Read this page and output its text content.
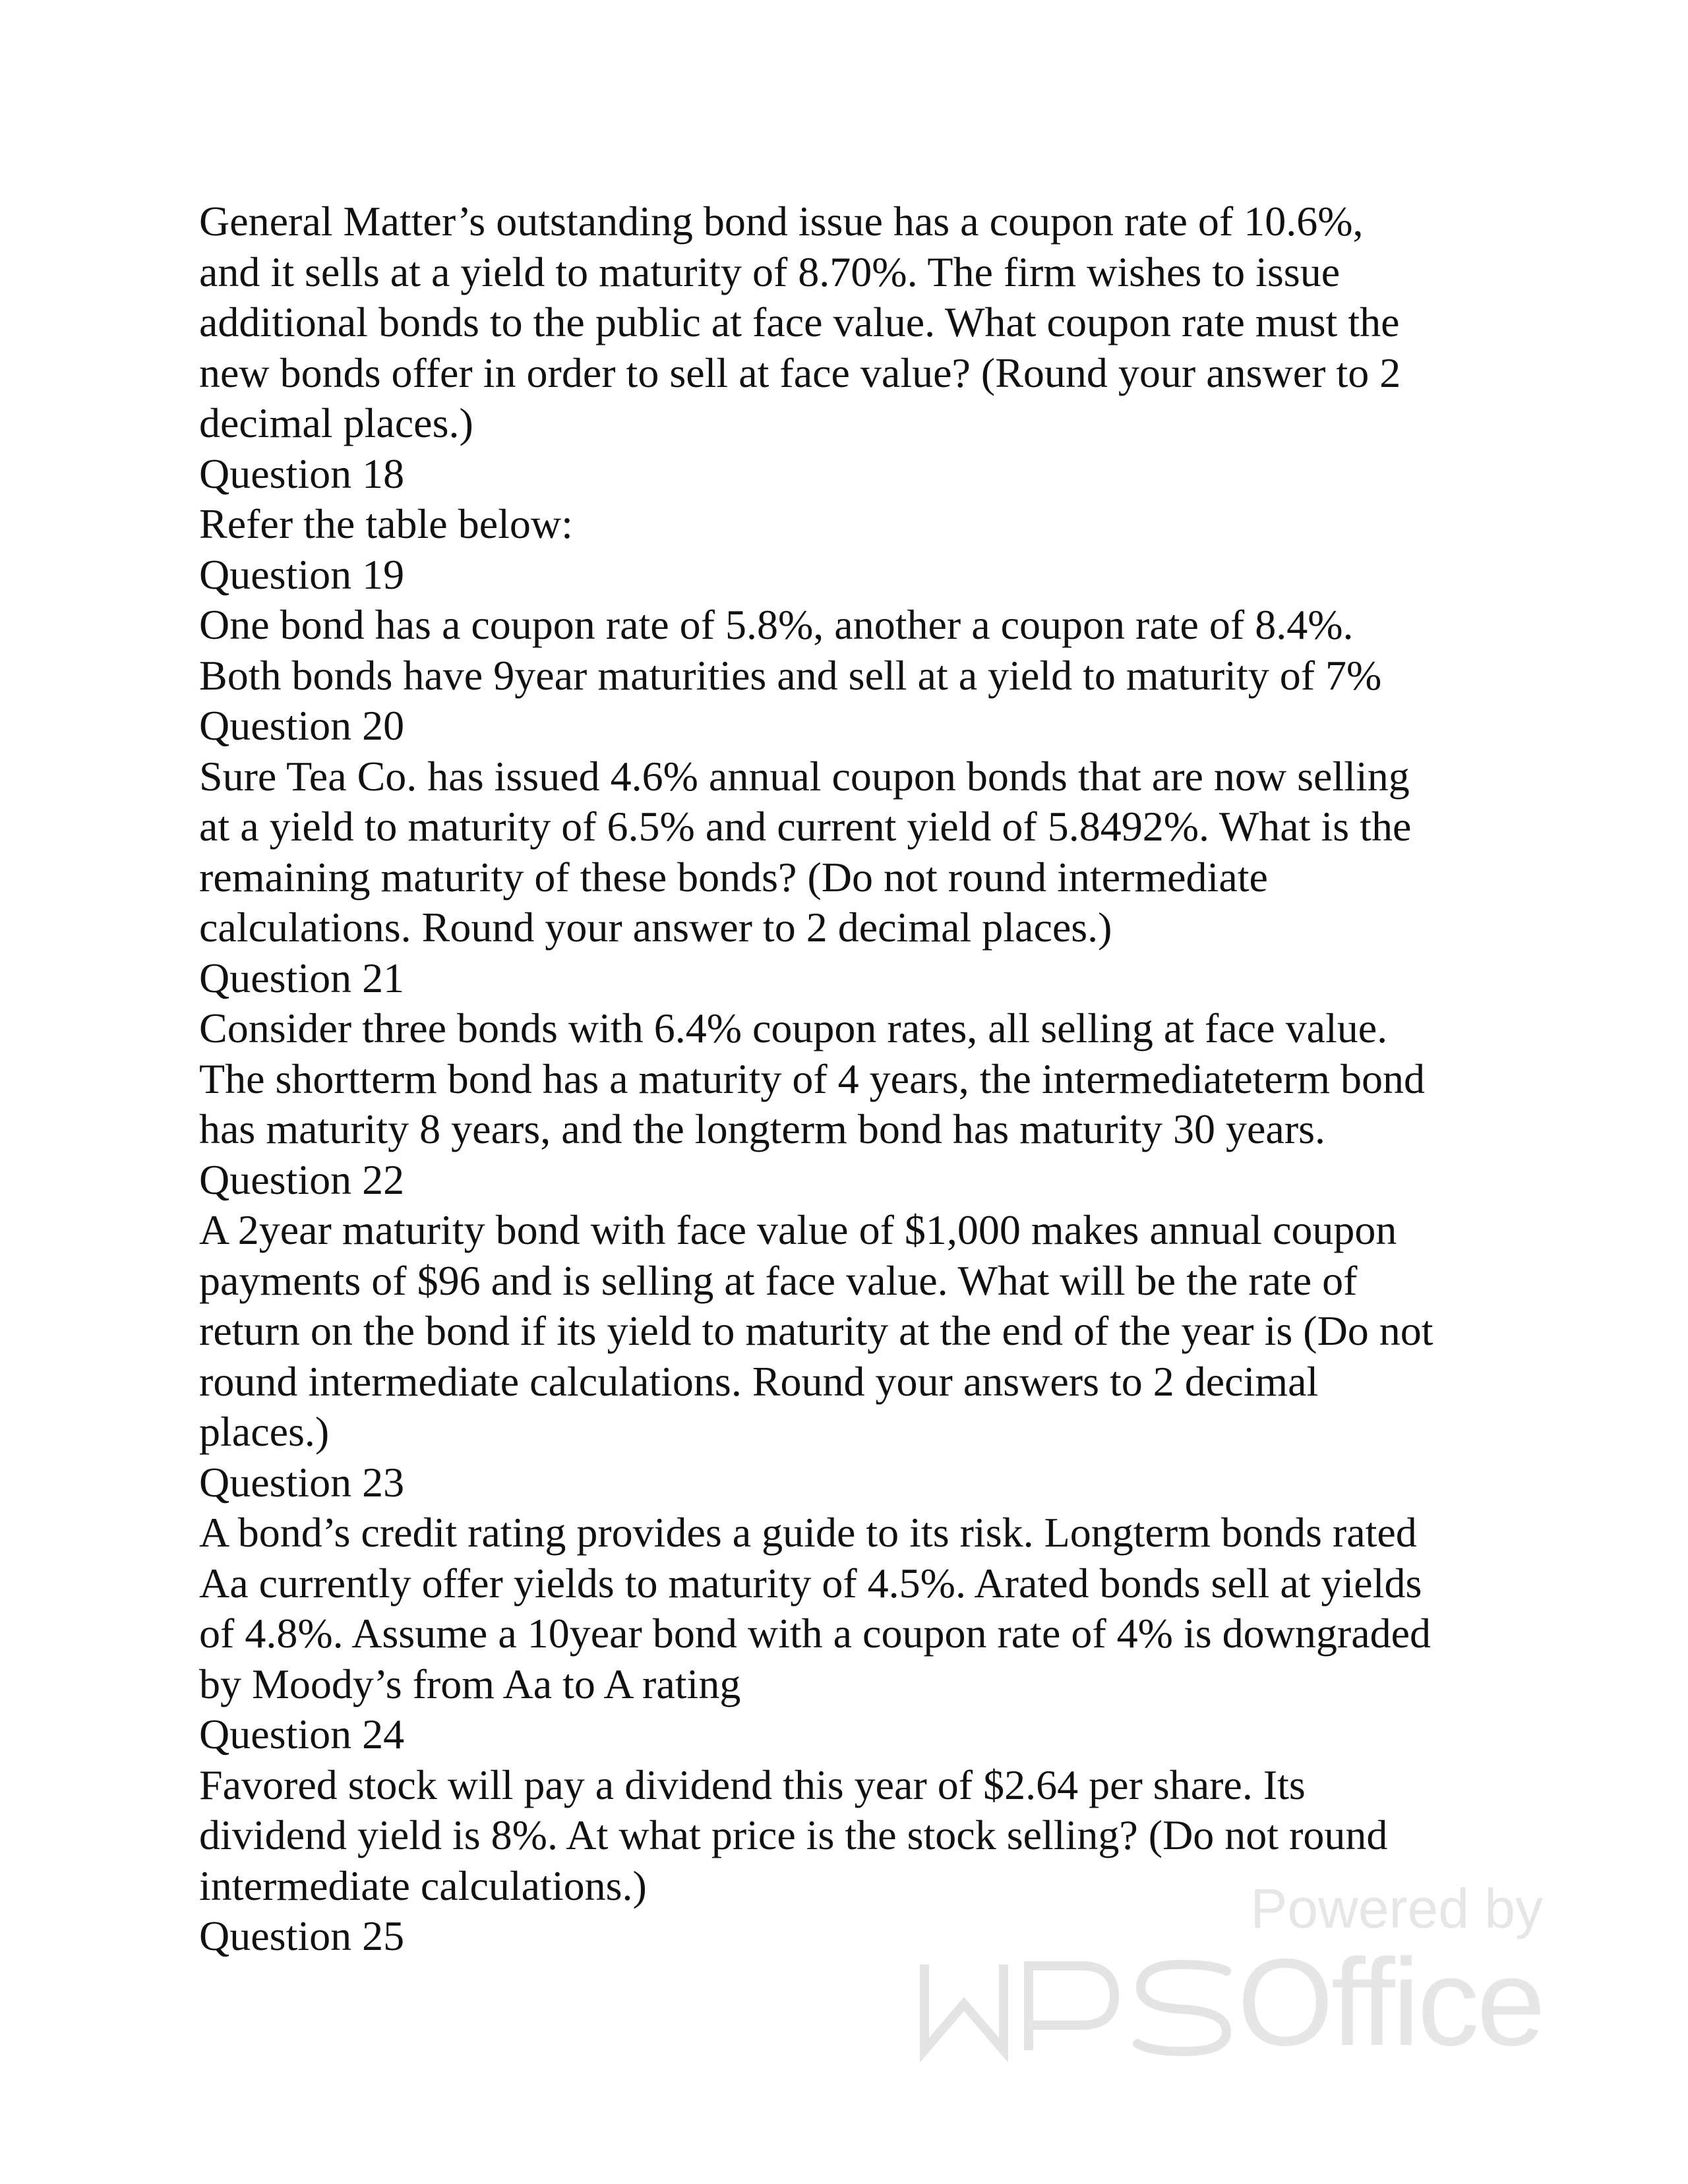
General Matter’s outstanding bond issue has a coupon rate of 10.6%,
and it sells at a yield to maturity of 8.70%. The firm wishes to issue
additional bonds to the public at face value. What coupon rate must the
new bonds offer in order to sell at face value? (Round your answer to 2
decimal places.)
Question 18
Refer the table below:
Question 19
One bond has a coupon rate of 5.8%, another a coupon rate of 8.4%.
Both bonds have 9year maturities and sell at a yield to maturity of 7%
Question 20
Sure Tea Co. has issued 4.6% annual coupon bonds that are now selling
at a yield to maturity of 6.5% and current yield of 5.8492%. What is the
remaining maturity of these bonds? (Do not round intermediate
calculations. Round your answer to 2 decimal places.)
Question 21
Consider three bonds with 6.4% coupon rates, all selling at face value.
The shortterm bond has a maturity of 4 years, the intermediateterm bond
has maturity 8 years, and the longterm bond has maturity 30 years.
Question 22
A 2year maturity bond with face value of $1,000 makes annual coupon
payments of $96 and is selling at face value. What will be the rate of
return on the bond if its yield to maturity at the end of the year is (Do not
round intermediate calculations. Round your answers to 2 decimal
places.)
Question 23
A bond’s credit rating provides a guide to its risk. Longterm bonds rated
Aa currently offer yields to maturity of 4.5%. Arated bonds sell at yields
of 4.8%. Assume a 10year bond with a coupon rate of 4% is downgraded
by Moody’s from Aa to A rating
Question 24
Favored stock will pay a dividend this year of $2.64 per share. Its
dividend yield is 8%. At what price is the stock selling? (Do not round
intermediate calculations.)
Question 25	Powered by
Office
